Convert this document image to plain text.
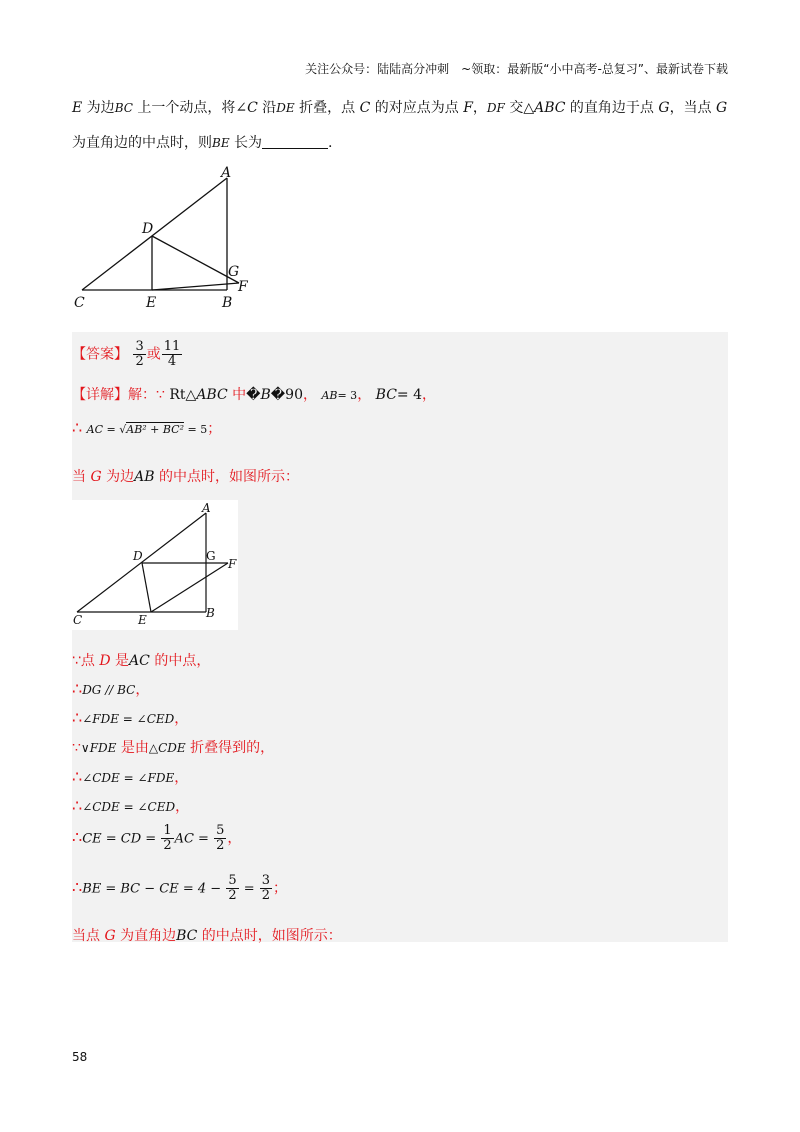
关注公众号：陆陆高分冲刺　~领取：最新版“小中高考-总复习”、最新试卷下载
E 为边BC 上一个动点，将∠C 沿DE 折叠，点 C 的对应点为点 F，DF 交△ABC 的直角边于点 G，当点 G
为直角边的中点时，则BE 长为	.
A
D
G
F
C	E	B
【答案】 $\frac{3}{2}$ 或 $\frac{11}{4}$
【详解】解：∵ Rt△ABC 中�B�90， AB= 3， BC= 4，
∴ AC = √AB² + BC² = 5；
当 G 为边AB 的中点时，如图所示：
A
D	G
F
C	E	B
∵点 D 是AC 的中点，
∴DG // BC，
∴∠FDE = ∠CED，
∵∨FDE 是由△CDE 折叠得到的，
∴∠CDE = ∠FDE，
∴∠CDE = ∠CED，
∴CE = CD = $\frac{1}{2}$ AC = $\frac{5}{2}$ ，
∴BE = BC − CE = $4 - \frac{5}{2} = \frac{3}{2}$ ；
当点 G 为直角边BC 的中点时，如图所示：
58
